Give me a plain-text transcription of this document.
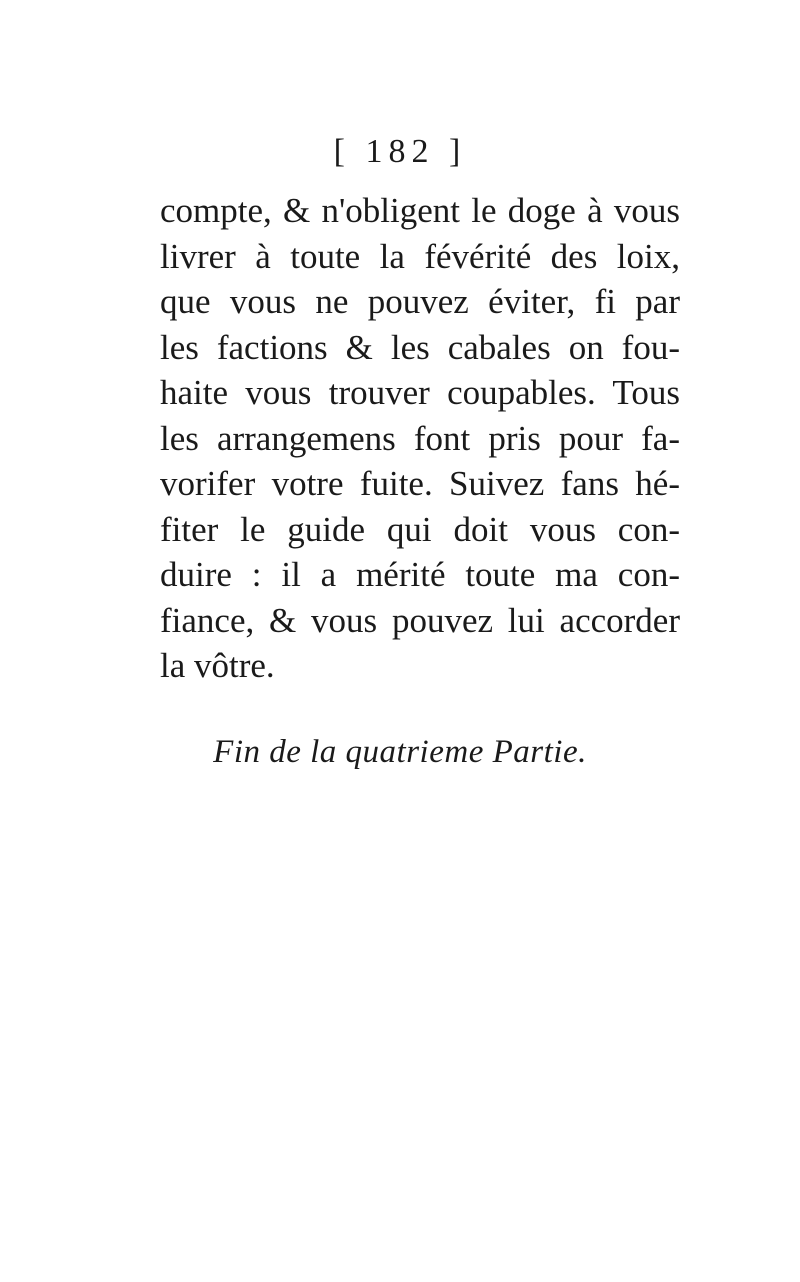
[ 182 ]
compte, & n'obligent le doge à vous
livrer à toute la févérité des loix,
que vous ne pouvez éviter, fi par
les factions & les cabales on fou-
haite vous trouver coupables. Tous
les arrangemens font pris pour fa-
vorifer votre fuite. Suivez fans hé-
fiter le guide qui doit vous con-
duire : il a mérité toute ma con-
fiance, & vous pouvez lui accorder
la vôtre.
Fin de la quatrieme Partie.
